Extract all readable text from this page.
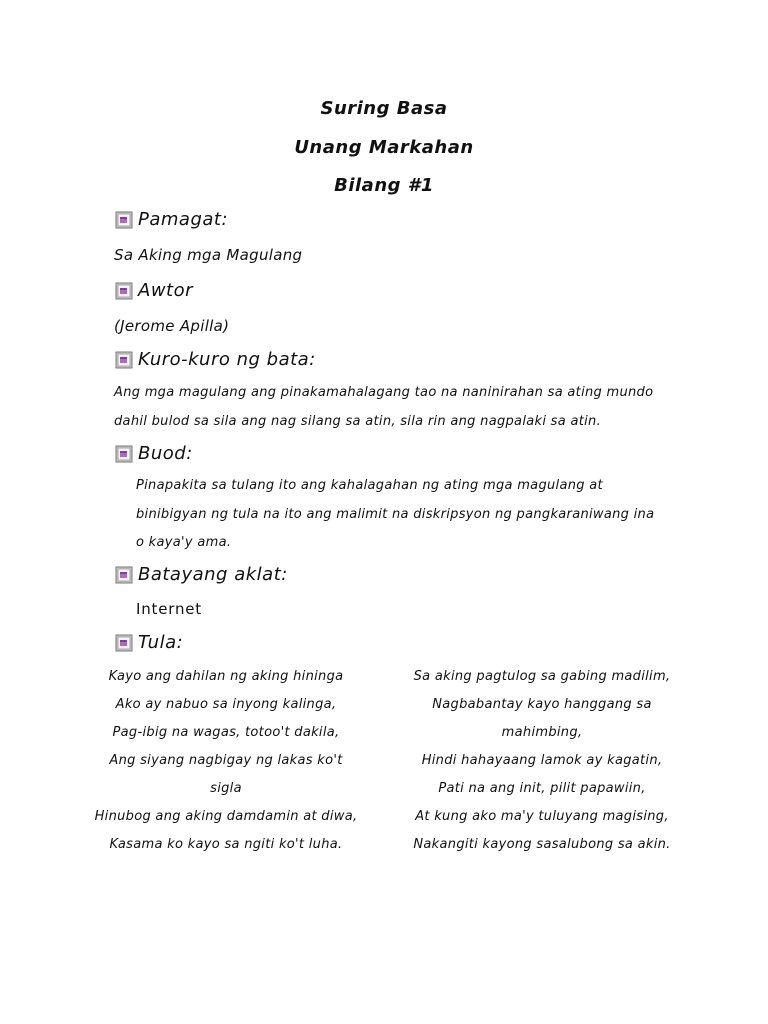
Suring Basa
Unang Markahan
Bilang #1
Pamagat:
Sa Aking mga Magulang
Awtor
(Jerome Apilla)
Kuro-kuro ng bata:
Ang mga magulang ang pinakamahalagang tao na naninirahan sa ating mundo
dahil bulod sa sila ang nag silang sa atin, sila rin ang nagpalaki sa atin.
Buod:
Pinapakita sa tulang ito ang kahalagahan ng ating mga magulang at
binibigyan ng tula na ito ang malimit na diskripsyon ng pangkaraniwang ina
o kaya'y ama.
Batayang aklat:
Internet
Tula:
Kayo ang dahilan ng aking hininga
Ako ay nabuo sa inyong kalinga,
Pag-ibig na wagas, totoo't dakila,
Ang siyang nagbigay ng lakas ko't
sigla
Hinubog ang aking damdamin at diwa,
Kasama ko kayo sa ngiti ko't luha.
Sa aking pagtulog sa gabing madilim,
Nagbabantay kayo hanggang sa
mahimbing,
Hindi hahayaang lamok ay kagatin,
Pati na ang init, pilit papawiin,
At kung ako ma'y tuluyang magising,
Nakangiti kayong sasalubong sa akin.
